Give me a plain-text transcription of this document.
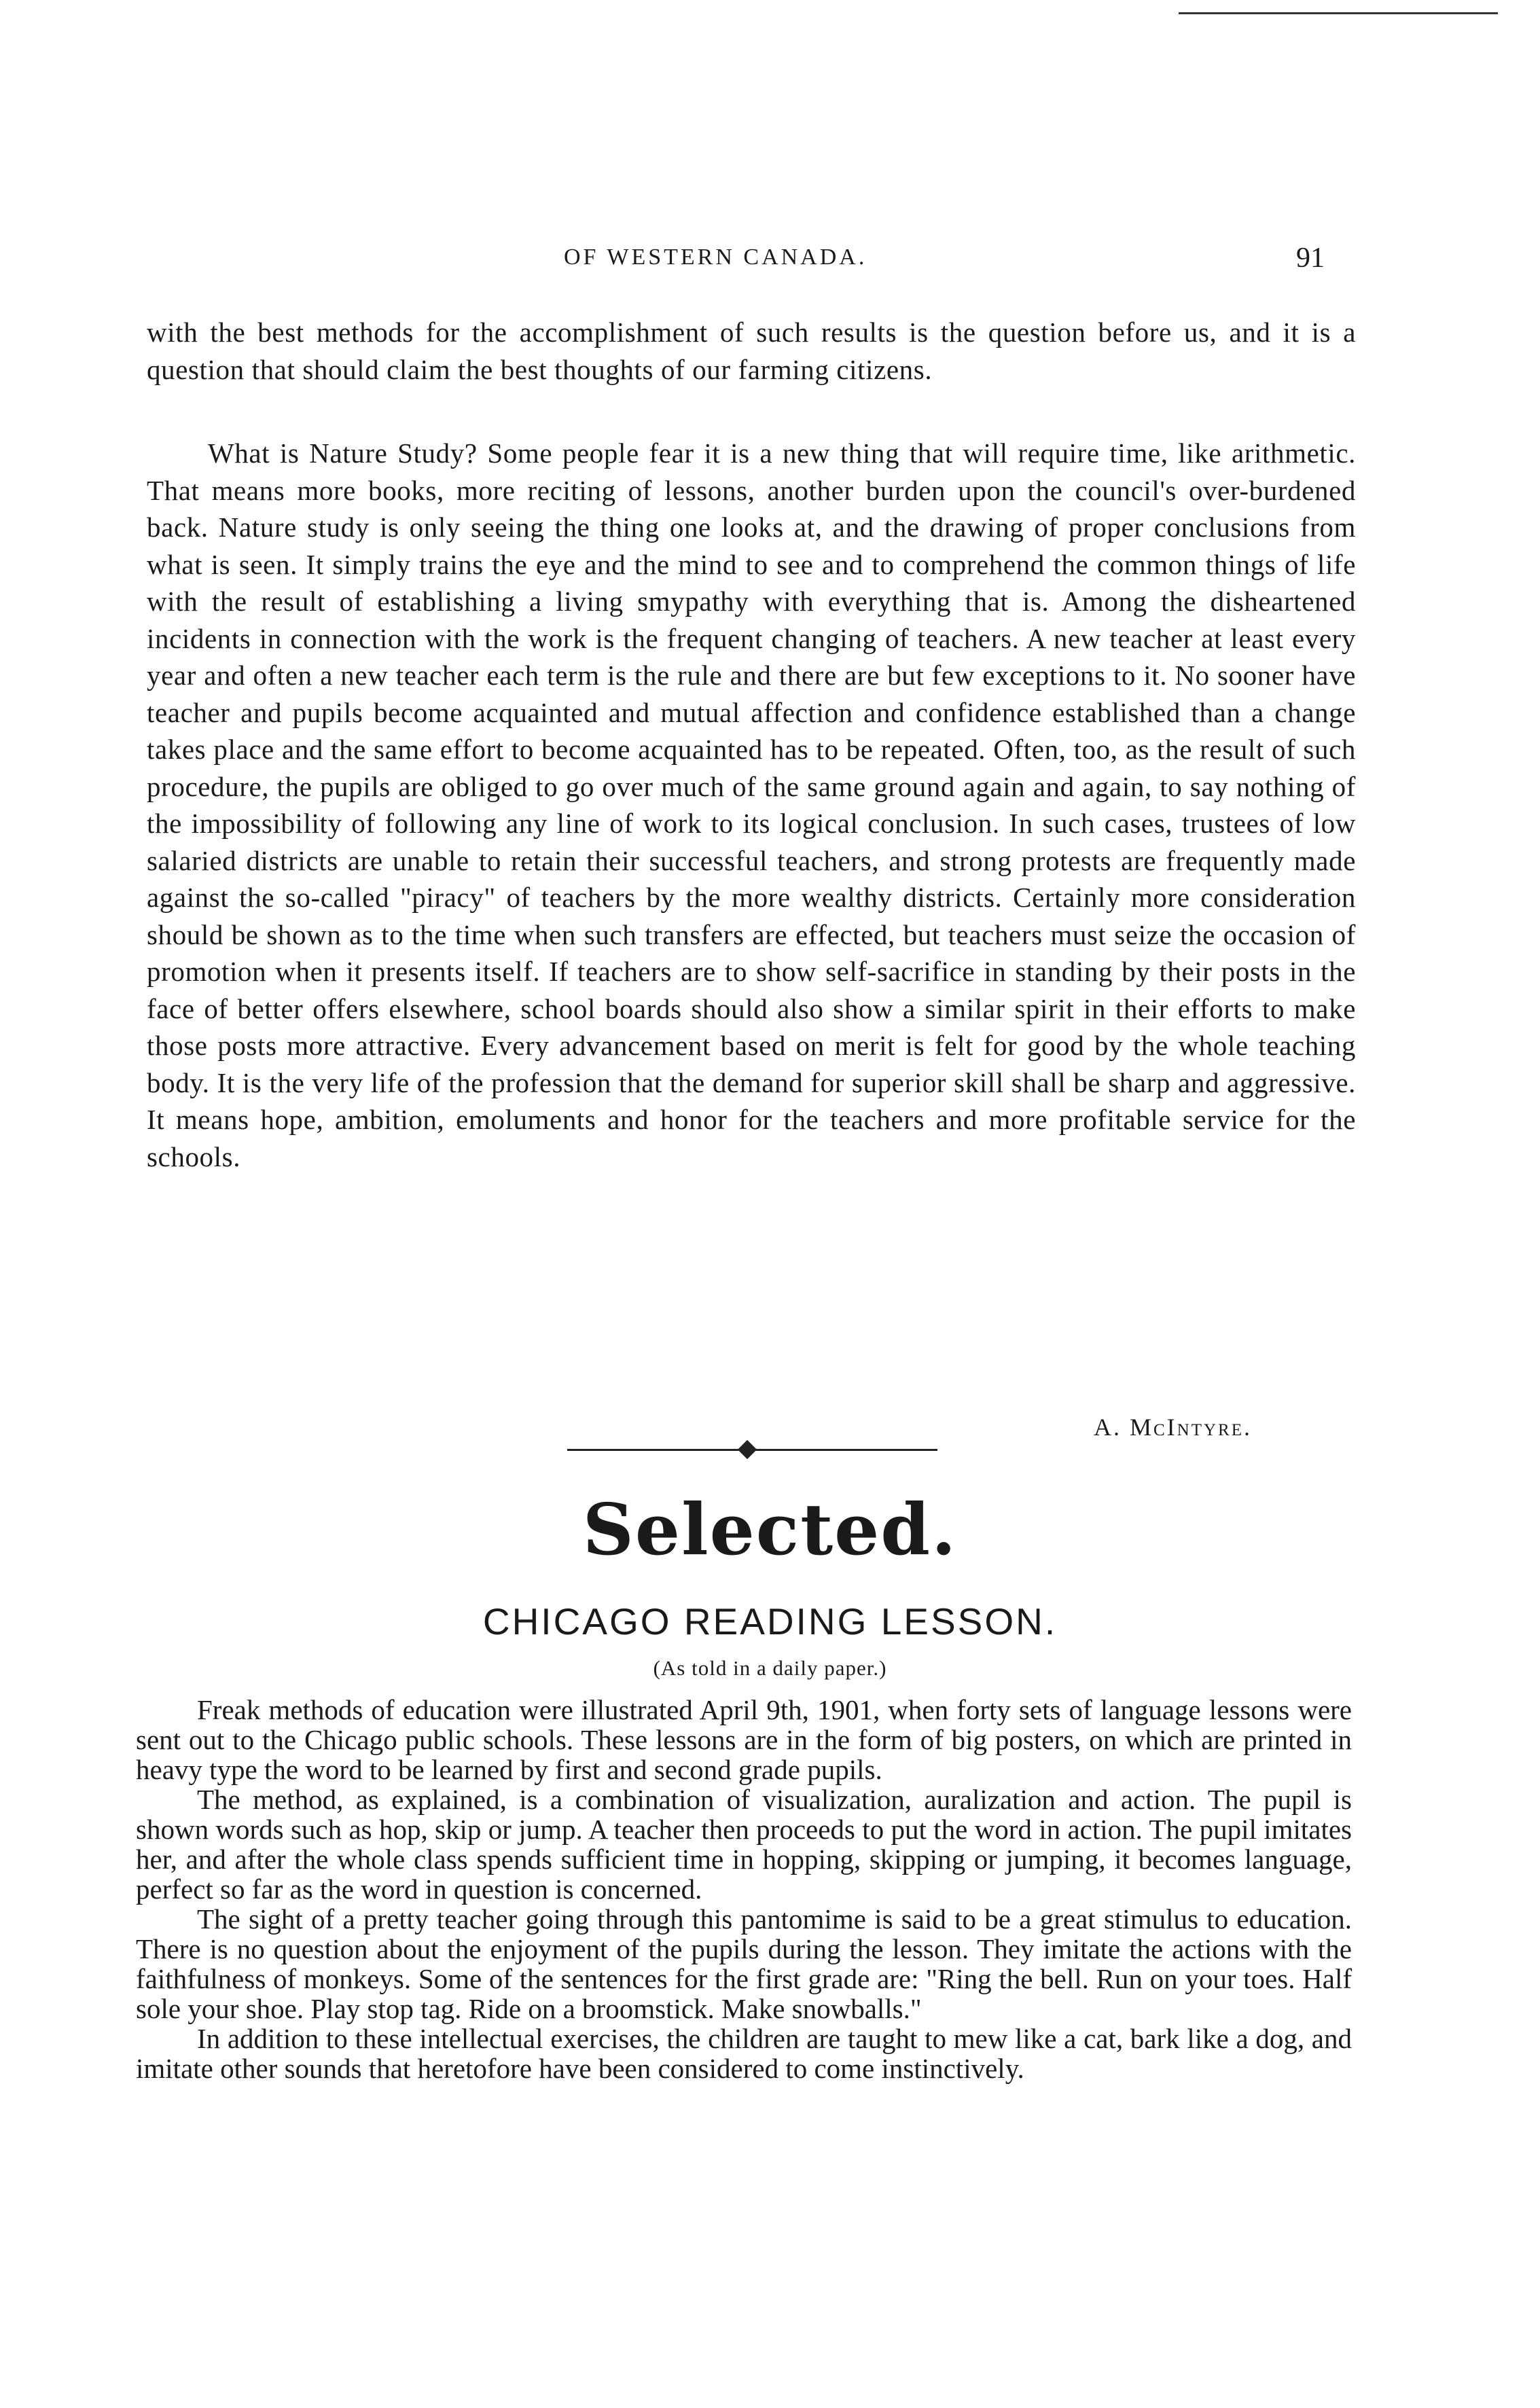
OF WESTERN CANADA.	91

with the best methods for the accomplishment of such results is the question before us, and it is a question that should claim the best thoughts of our farming citizens.

What is Nature Study? Some people fear it is a new thing that will require time, like arithmetic. That means more books, more reciting of lessons, another burden upon the council's over-burdened back. Nature study is only seeing the thing one looks at, and the drawing of proper conclusions from what is seen. It simply trains the eye and the mind to see and to comprehend the common things of life with the result of establishing a living smypathy with everything that is. Among the disheartened incidents in connection with the work is the frequent changing of teachers. A new teacher at least every year and often a new teacher each term is the rule and there are but few exceptions to it. No sooner have teacher and pupils become acquainted and mutual affection and confidence established than a change takes place and the same effort to become acquainted has to be repeated. Often, too, as the result of such procedure, the pupils are obliged to go over much of the same ground again and again, to say nothing of the impossibility of following any line of work to its logical conclusion. In such cases, trustees of low salaried districts are unable to retain their successful teachers, and strong protests are frequently made against the so-called "piracy" of teachers by the more wealthy districts. Certainly more consideration should be shown as to the time when such transfers are effected, but teachers must seize the occasion of promotion when it presents itself. If teachers are to show self-sacrifice in standing by their posts in the face of better offers elsewhere, school boards should also show a similar spirit in their efforts to make those posts more attractive. Every advancement based on merit is felt for good by the whole teaching body. It is the very life of the profession that the demand for superior skill shall be sharp and aggressive. It means hope, ambition, emoluments and honor for the teachers and more profitable service for the schools.

A. McIntyre.
Selected.
CHICAGO READING LESSON.
(As told in a daily paper.)

Freak methods of education were illustrated April 9th, 1901, when forty sets of language lessons were sent out to the Chicago public schools. These lessons are in the form of big posters, on which are printed in heavy type the word to be learned by first and second grade pupils.

The method, as explained, is a combination of visualization, auralization and action. The pupil is shown words such as hop, skip or jump. A teacher then proceeds to put the word in action. The pupil imitates her, and after the whole class spends sufficient time in hopping, skipping or jumping, it becomes language, perfect so far as the word in question is concerned.

The sight of a pretty teacher going through this pantomime is said to be a great stimulus to education. There is no question about the enjoyment of the pupils during the lesson. They imitate the actions with the faithfulness of monkeys. Some of the sentences for the first grade are: "Ring the bell. Run on your toes. Half sole your shoe. Play stop tag. Ride on a broomstick. Make snowballs."

In addition to these intellectual exercises, the children are taught to mew like a cat, bark like a dog, and imitate other sounds that heretofore have been considered to come instinctively.
